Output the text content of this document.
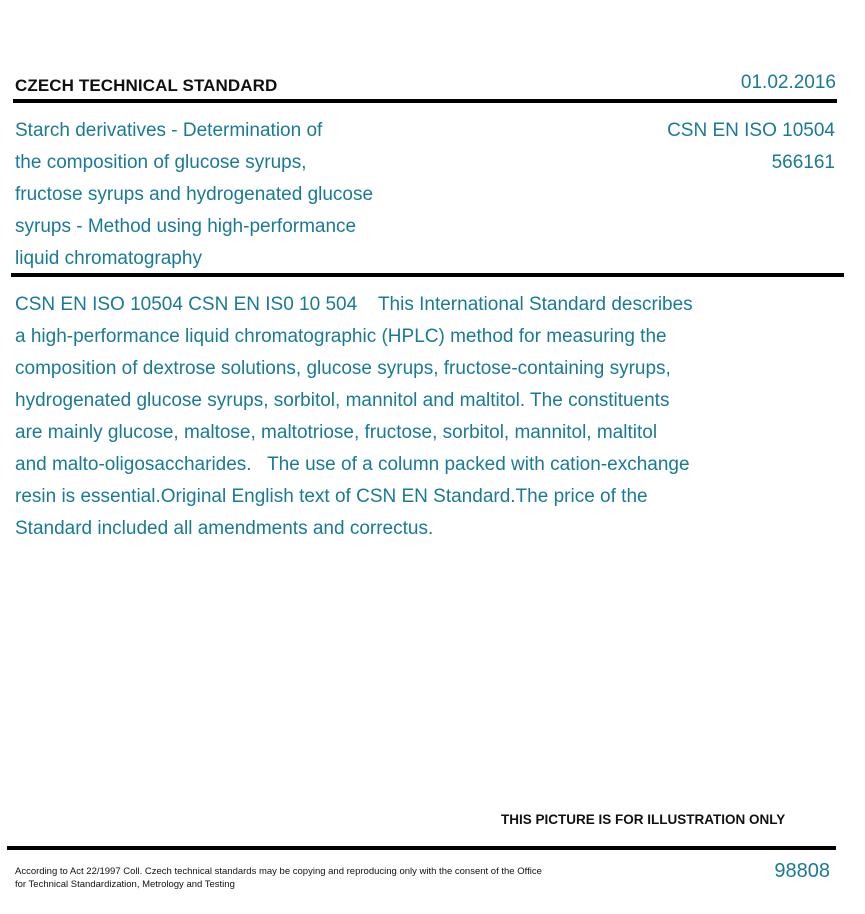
CZECH TECHNICAL STANDARD	01.02.2016
Starch derivatives - Determination of
the composition of glucose syrups,
fructose syrups and hydrogenated glucose
syrups - Method using high-performance
liquid chromatography
CSN EN ISO 10504
566161
CSN EN ISO 10504 CSN EN IS0 10 504    This International Standard describes
a high-performance liquid chromatographic (HPLC) method for measuring the
composition of dextrose solutions, glucose syrups, fructose-containing syrups,
hydrogenated glucose syrups, sorbitol, mannitol and maltitol. The constituents
are mainly glucose, maltose, maltotriose, fructose, sorbitol, mannitol, maltitol
and malto-oligosaccharides.   The use of a column packed with cation-exchange
resin is essential.Original English text of CSN EN Standard.The price of the
Standard included all amendments and correctus.
THIS PICTURE IS FOR ILLUSTRATION ONLY
According to Act 22/1997 Coll. Czech technical standards may be copying and reproducing only with the consent of the Office
for Technical Standardization, Metrology and Testing
98808
